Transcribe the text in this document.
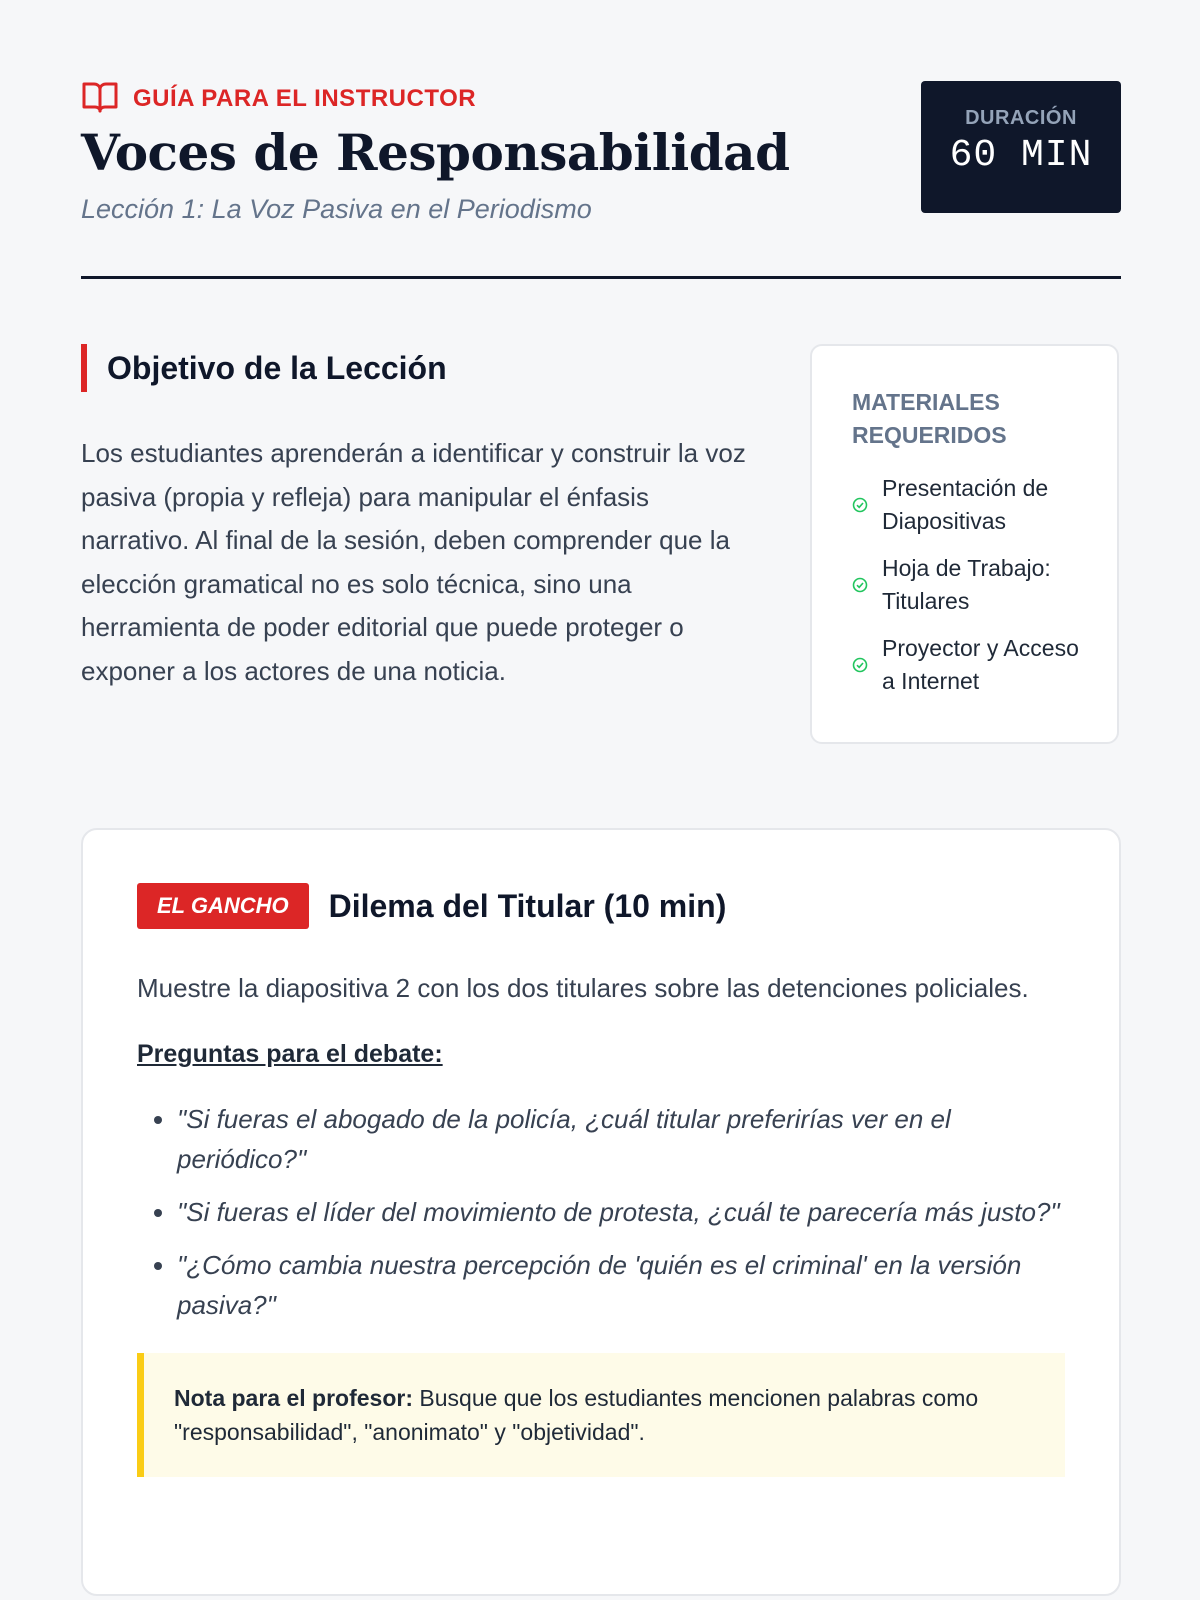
GUÍA PARA EL INSTRUCTOR
Voces de Responsabilidad
Lección 1: La Voz Pasiva en el Periodismo
DURACIÓN
60 MIN
Objetivo de la Lección

Los estudiantes aprenderán a identificar y construir la voz pasiva (propia y refleja) para manipular el énfasis narrativo. Al final de la sesión, deben comprender que la elección gramatical no es solo técnica, sino una herramienta de poder editorial que puede proteger o exponer a los actores de una noticia.

MATERIALES REQUERIDOS
Presentación de Diapositivas
Hoja de Trabajo: Titulares
Proyector y Acceso a Internet
EL GANCHO	Dilema del Titular (10 min)

Muestre la diapositiva 2 con los dos titulares sobre las detenciones policiales.

Preguntas para el debate:
• "Si fueras el abogado de la policía, ¿cuál titular preferirías ver en el periódico?"
• "Si fueras el líder del movimiento de protesta, ¿cuál te parecería más justo?"
• "¿Cómo cambia nuestra percepción de 'quién es el criminal' en la versión pasiva?"
Nota para el profesor: Busque que los estudiantes mencionen palabras como "responsabilidad", "anonimato" y "objetividad".
